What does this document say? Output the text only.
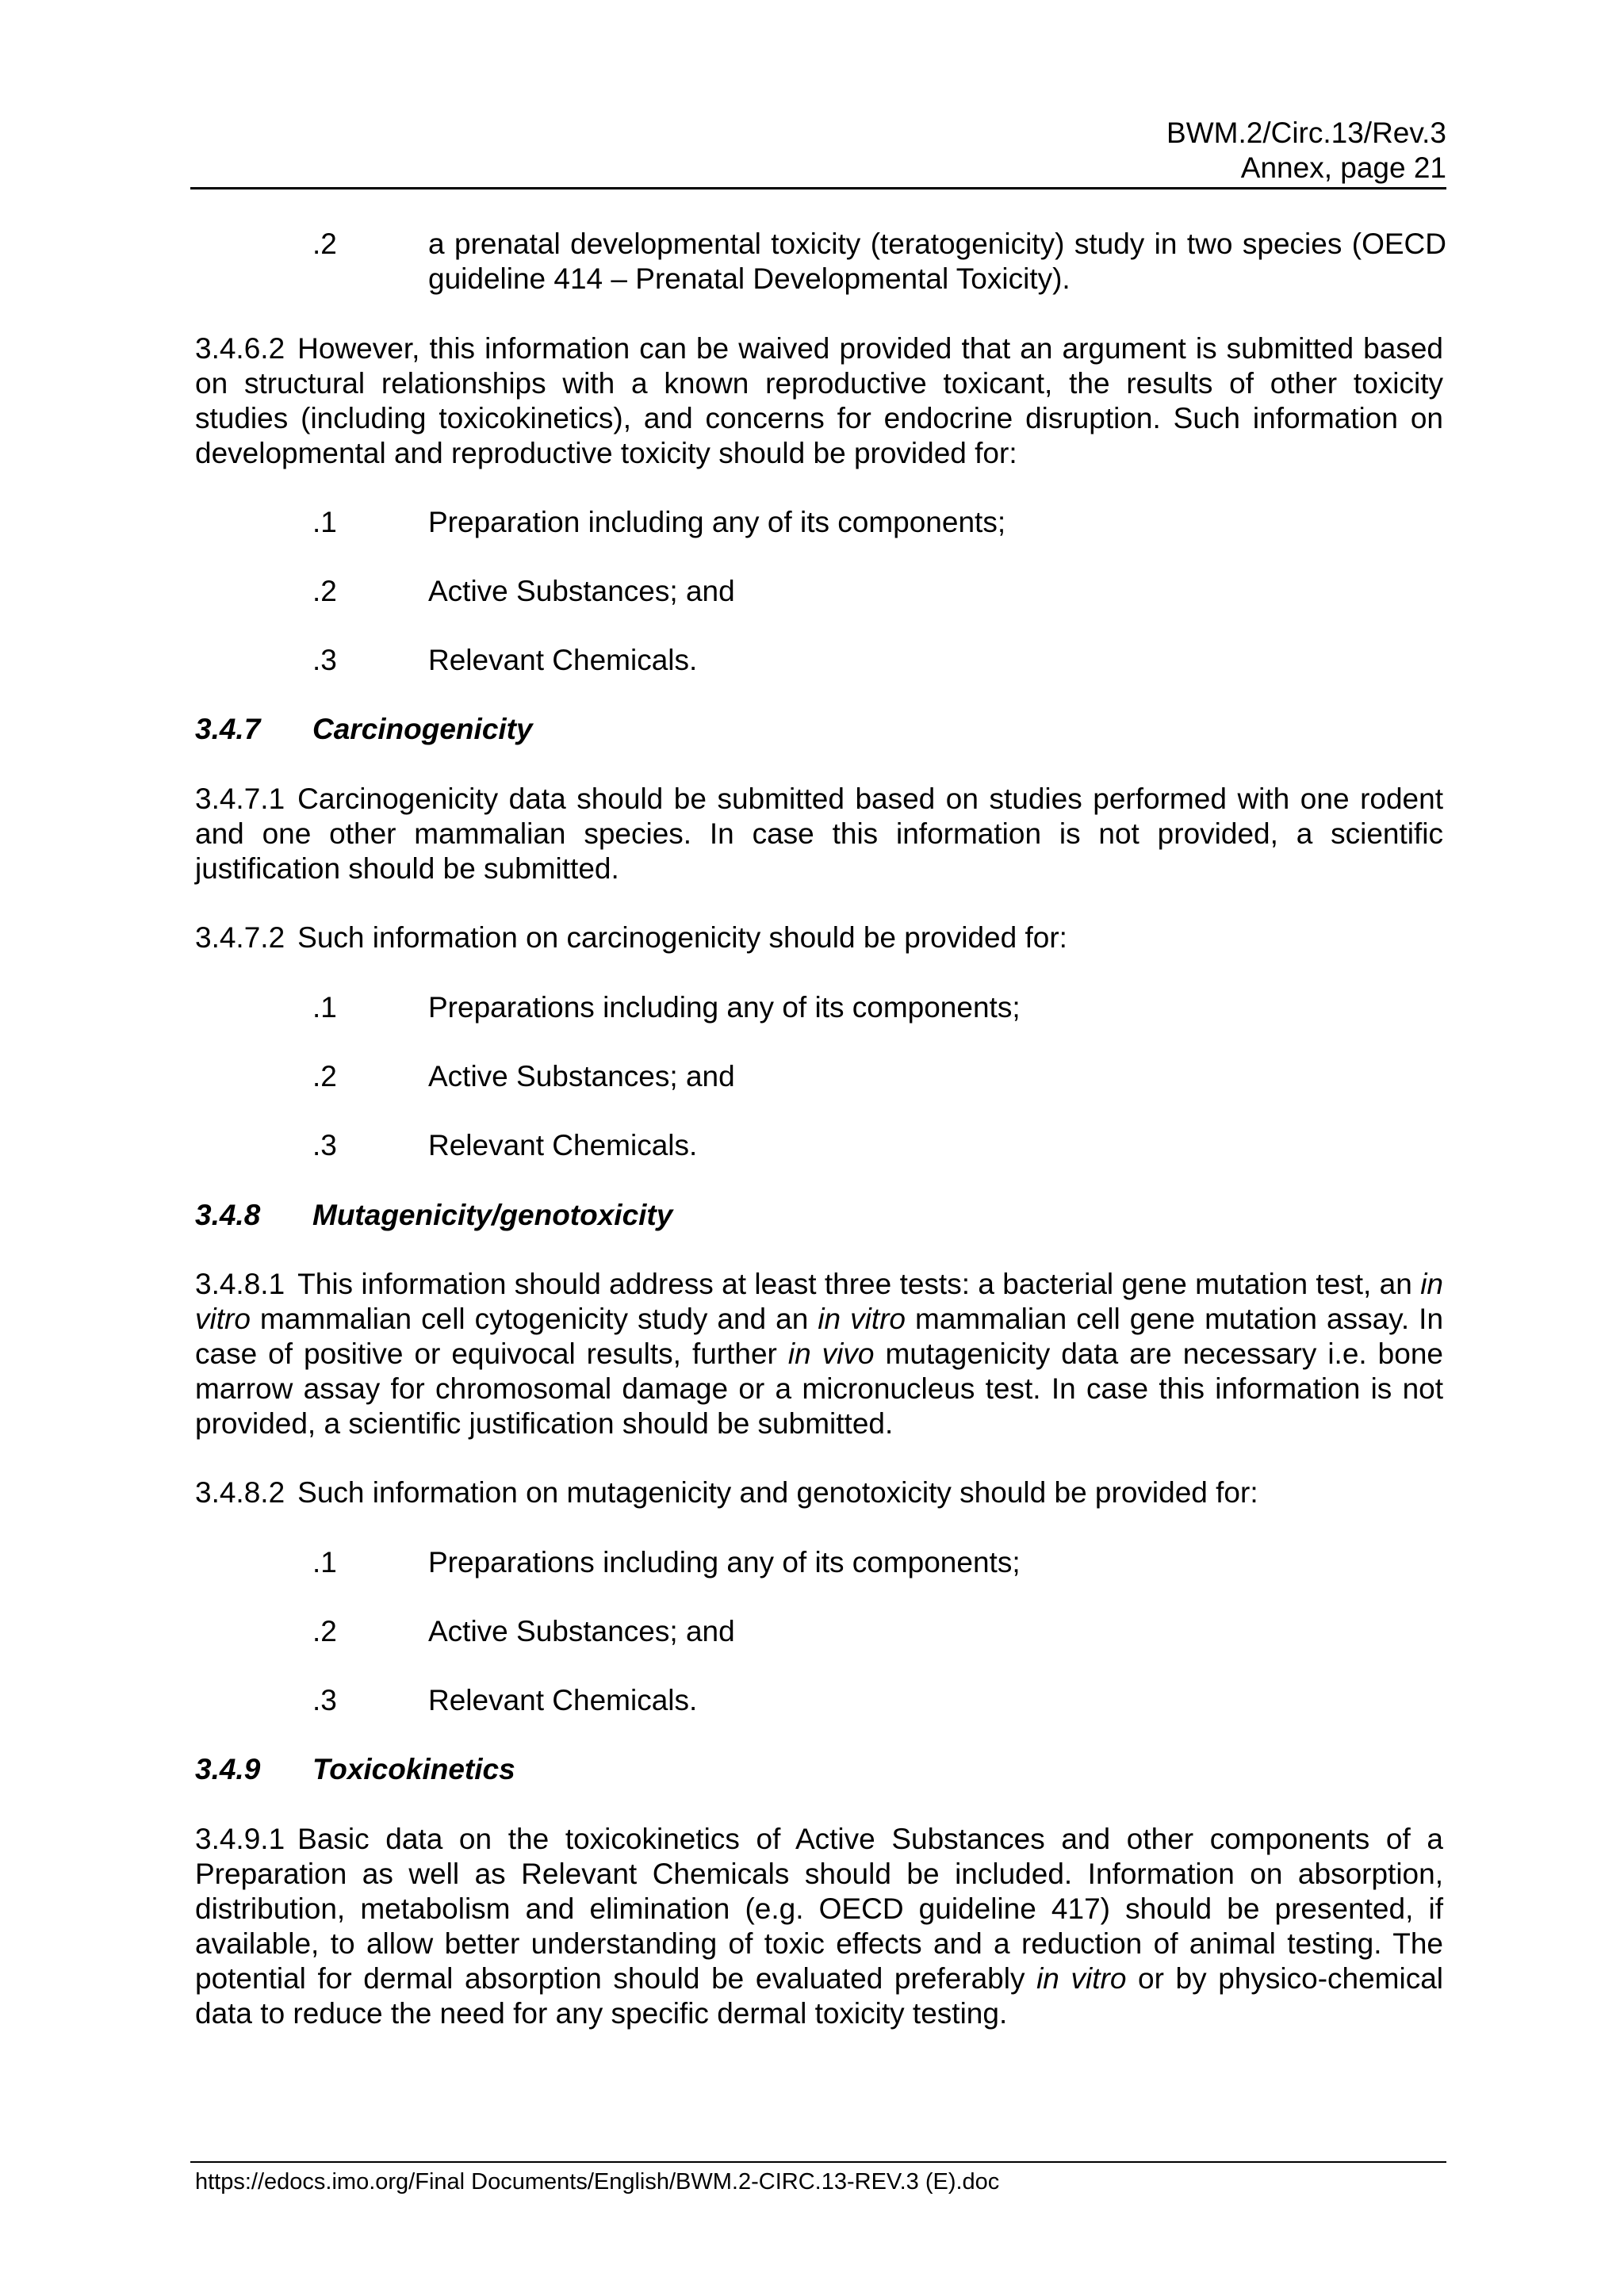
BWM.2/Circ.13/Rev.3
Annex, page 21
.2	a prenatal developmental toxicity (teratogenicity) study in two species (OECD guideline 414 – Prenatal Developmental Toxicity).
3.4.6.2 However, this information can be waived provided that an argument is submitted based on structural relationships with a known reproductive toxicant, the results of other toxicity studies (including toxicokinetics), and concerns for endocrine disruption. Such information on developmental and reproductive toxicity should be provided for:
.1	Preparation including any of its components;
.2	Active Substances; and
.3	Relevant Chemicals.
3.4.7 Carcinogenicity
3.4.7.1 Carcinogenicity data should be submitted based on studies performed with one rodent and one other mammalian species. In case this information is not provided, a scientific justification should be submitted.
3.4.7.2 Such information on carcinogenicity should be provided for:
.1	Preparations including any of its components;
.2	Active Substances; and
.3	Relevant Chemicals.
3.4.8 Mutagenicity/genotoxicity
3.4.8.1 This information should address at least three tests: a bacterial gene mutation test, an in vitro mammalian cell cytogenicity study and an in vitro mammalian cell gene mutation assay. In case of positive or equivocal results, further in vivo mutagenicity data are necessary i.e. bone marrow assay for chromosomal damage or a micronucleus test. In case this information is not provided, a scientific justification should be submitted.
3.4.8.2 Such information on mutagenicity and genotoxicity should be provided for:
.1	Preparations including any of its components;
.2	Active Substances; and
.3	Relevant Chemicals.
3.4.9 Toxicokinetics
3.4.9.1 Basic data on the toxicokinetics of Active Substances and other components of a Preparation as well as Relevant Chemicals should be included. Information on absorption, distribution, metabolism and elimination (e.g. OECD guideline 417) should be presented, if available, to allow better understanding of toxic effects and a reduction of animal testing. The potential for dermal absorption should be evaluated preferably in vitro or by physico-chemical data to reduce the need for any specific dermal toxicity testing.
https://edocs.imo.org/Final Documents/English/BWM.2-CIRC.13-REV.3 (E).doc
